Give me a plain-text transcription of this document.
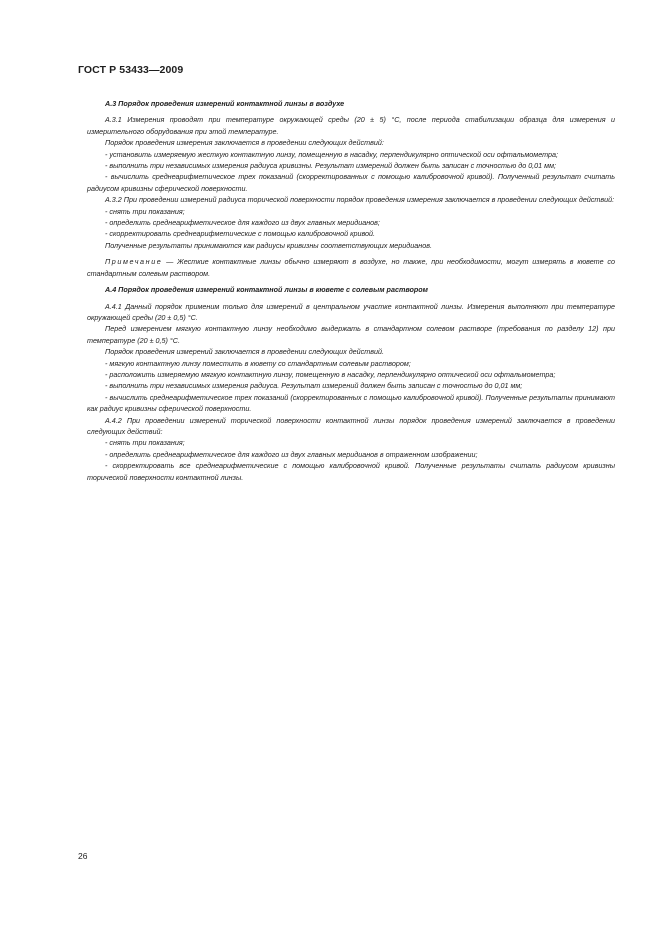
ГОСТ Р 53433—2009

А.3 Порядок проведения измерений контактной линзы в воздухе

А.3.1 Измерения проводят при температуре окружающей среды (20 ± 5) °С, после периода стабилизации образца для измерения и измерительного оборудования при этой температуре.

Порядок проведения измерения заключается в проведении следующих действий:

- установить измеряемую жесткую контактную линзу, помещенную в насадку, перпендикулярно оптической оси офтальмометра;

- выполнить три независимых измерения радиуса кривизны. Результат измерений должен быть записан с точностью до 0,01 мм;

- вычислить среднеарифметическое трех показаний (скорректированных с помощью калибровочной кривой). Полученный результат считать радиусом кривизны сферической поверхности.

А.3.2 При проведении измерений радиуса торической поверхности порядок проведения измерения заключается в проведении следующих действий:

- снять три показания;

- определить среднеарифметическое для каждого из двух главных меридианов;

- скорректировать среднеарифметические с помощью калибровочной кривой.

Полученные результаты принимаются как радиусы кривизны соответствующих меридианов.

Примечание — Жесткие контактные линзы обычно измеряют в воздухе, но также, при необходимости, могут измерять в кювете со стандартным солевым раствором.

А.4 Порядок проведения измерений контактной линзы в кювете с солевым раствором

А.4.1 Данный порядок применим только для измерений в центральном участке контактной линзы. Измерения выполняют при температуре окружающей среды (20 ± 0,5) °С.

Перед измерением мягкую контактную линзу необходимо выдержать в стандартном солевом растворе (требования по разделу 12) при температуре (20 ± 0,5) °С.

Порядок проведения измерений заключается в проведении следующих действий.

- мягкую контактную линзу поместить в кювету со стандартным солевым раствором;

- расположить измеряемую мягкую контактную линзу, помещенную в насадку, перпендикулярно оптической оси офтальмометра;

- выполнить три независимых измерения радиуса. Результат измерений должен быть записан с точностью до 0,01 мм;

- вычислить среднеарифметическое трех показаний (скорректированных с помощью калибровочной кривой). Полученные результаты принимают как радиус кривизны сферической поверхности.

А.4.2 При проведении измерений торической поверхности контактной линзы порядок проведения измерений заключается в проведении следующих действий:

- снять три показания;

- определить среднеарифметическое для каждого из двух главных меридианов в отраженном изображении;

- скорректировать все среднеарифметические с помощью калибровочной кривой. Полученные результаты считать радиусом кривизны торической поверхности контактной линзы.

26
